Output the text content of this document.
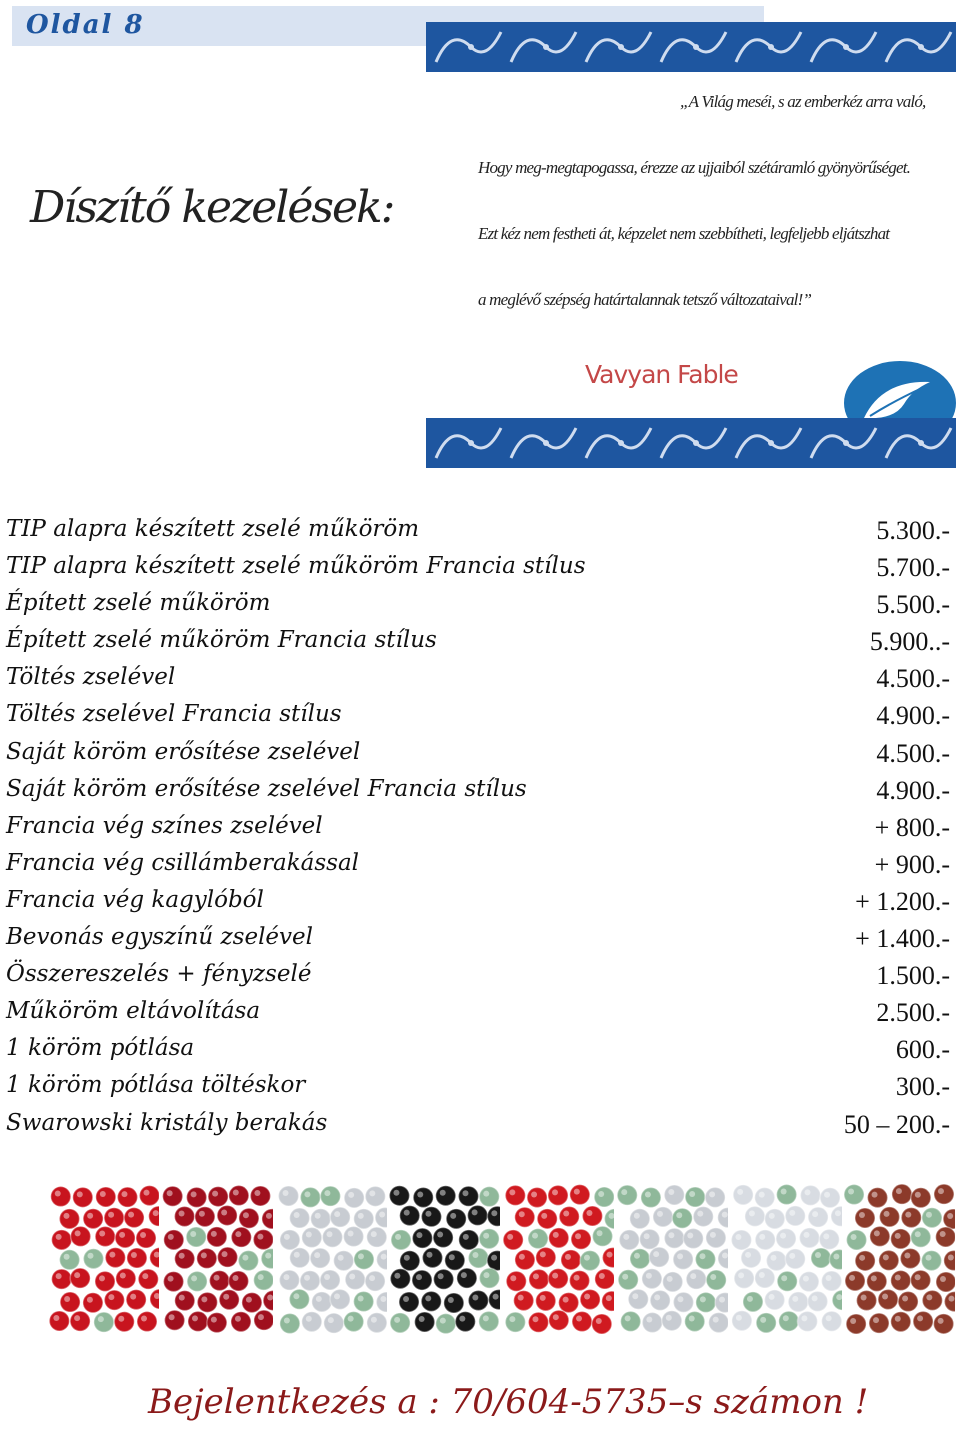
Oldal 8
Díszítő kezelések:
„A Világ meséi, s az emberkéz arra való,
Hogy meg-megtapogassa, érezze az ujjaiból szétáramló gyönyörűséget.
Ezt kéz nem festheti át, képzelet nem szebbítheti, legfeljebb eljátszhat
a meglévő szépség határtalannak tetsző változataival!”
Vavyan Fable
TIP alapra készített zselé műköröm	5.300.-
TIP alapra készített zselé műköröm Francia stílus	5.700.-
Épített zselé műköröm	5.500.-
Épített zselé műköröm Francia stílus	5.900..-
Töltés zselével	4.500.-
Töltés zselével Francia stílus	4.900.-
Saját köröm erősítése zselével	4.500.-
Saját köröm erősítése zselével Francia stílus	4.900.-
Francia vég színes zselével	+ 800.-
Francia vég csillámberakással	+ 900.-
Francia vég kagylóból	+ 1.200.-
Bevonás egyszínű zselével	+ 1.400.-
Összereszelés + fényzselé	1.500.-
Műköröm eltávolítása	2.500.-
1 köröm pótlása	600.-
1 köröm pótlása töltéskor	300.-
Swarowski kristály berakás	50 – 200.-
Bejelentkezés a : 70/604-5735–s számon !
